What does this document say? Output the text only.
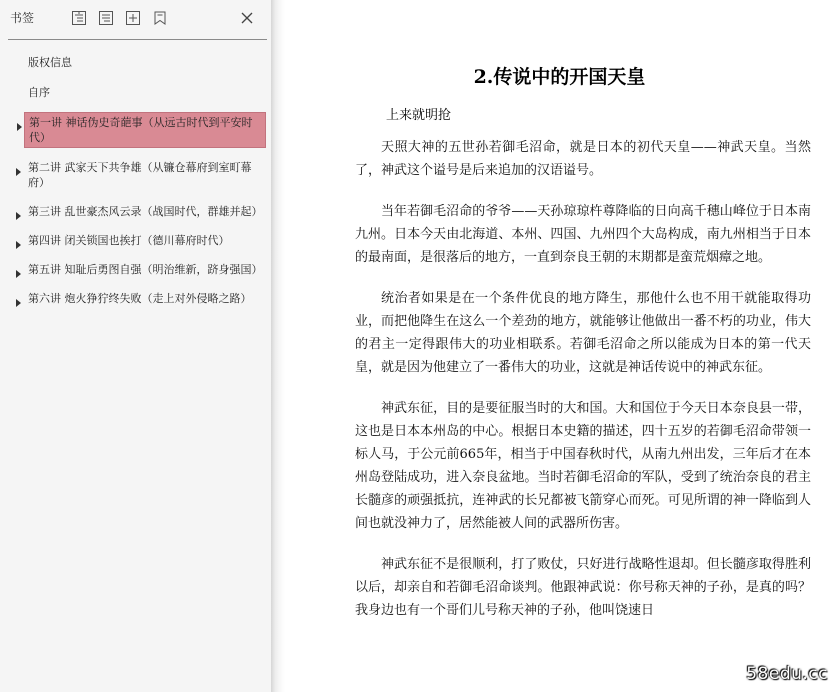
书签
版权信息
自序
第一讲 神话伪史奇葩事（从远古时代到平安时代）
第二讲 武家天下共争雄（从镰仓幕府到室町幕府）
第三讲 乱世豪杰风云录（战国时代，群雄并起）
第四讲 闭关锁国也挨打（德川幕府时代）
第五讲 知耻后勇图自强（明治维新，跻身强国）
第六讲 炮火狰狞终失败（走上对外侵略之路）
2.传说中的开国天皇
上来就明抢

天照大神的五世孙若御毛沼命，就是日本的初代天皇——神武天皇。当然了，神武这个谥号是后来追加的汉语谥号。

当年若御毛沼命的爷爷——天孙琼琼杵尊降临的日向高千穗山峰位于日本南九州。日本今天由北海道、本州、四国、九州四个大岛构成，南九州相当于日本的最南面，是很落后的地方，一直到奈良王朝的末期都是蛮荒烟瘴之地。

统治者如果是在一个条件优良的地方降生，那他什么也不用干就能取得功业，而把他降生在这么一个差劲的地方，就能够让他做出一番不朽的功业，伟大的君主一定得跟伟大的功业相联系。若御毛沼命之所以能成为日本的第一代天皇，就是因为他建立了一番伟大的功业，这就是神话传说中的神武东征。

神武东征，目的是要征服当时的大和国。大和国位于今天日本奈良县一带，这也是日本本州岛的中心。根据日本史籍的描述，四十五岁的若御毛沼命带领一标人马，于公元前665年，相当于中国春秋时代，从南九州出发，三年后才在本州岛登陆成功，进入奈良盆地。当时若御毛沼命的军队，受到了统治奈良的君主长髓彦的顽强抵抗，连神武的长兄都被飞箭穿心而死。可见所谓的神一降临到人间也就没神力了，居然能被人间的武器所伤害。

神武东征不是很顺利，打了败仗，只好进行战略性退却。但长髓彦取得胜利以后，却亲自和若御毛沼命谈判。他跟神武说：你号称天神的子孙，是真的吗？我身边也有一个哥们儿号称天神的子孙，他叫饶速日

58edu.cc
